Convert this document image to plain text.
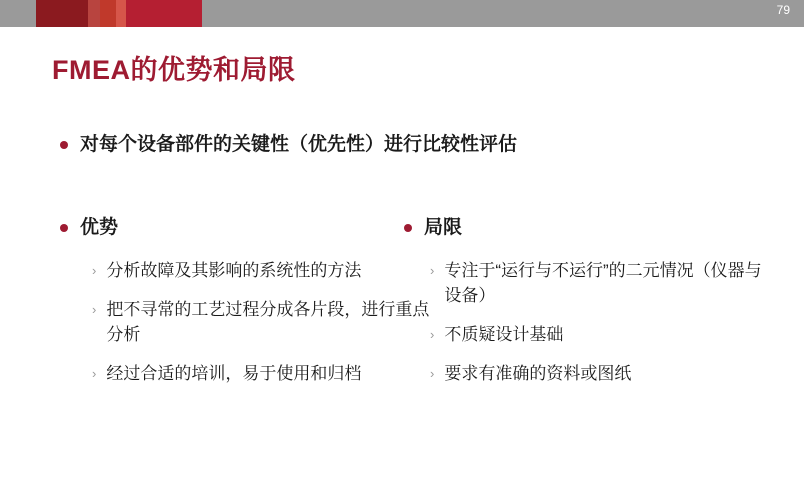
79
FMEA的优势和局限
对每个设备部件的关键性（优先性）进行比较性评估
优势	局限
› 分析故障及其影响的系统性的方法
› 把不寻常的工艺过程分成各片段，进行重点分析
› 经过合适的培训，易于使用和归档
› 专注于“运行与不运行”的二元情况（仪器与设备）
› 不质疑设计基础
› 要求有准确的资料或图纸
